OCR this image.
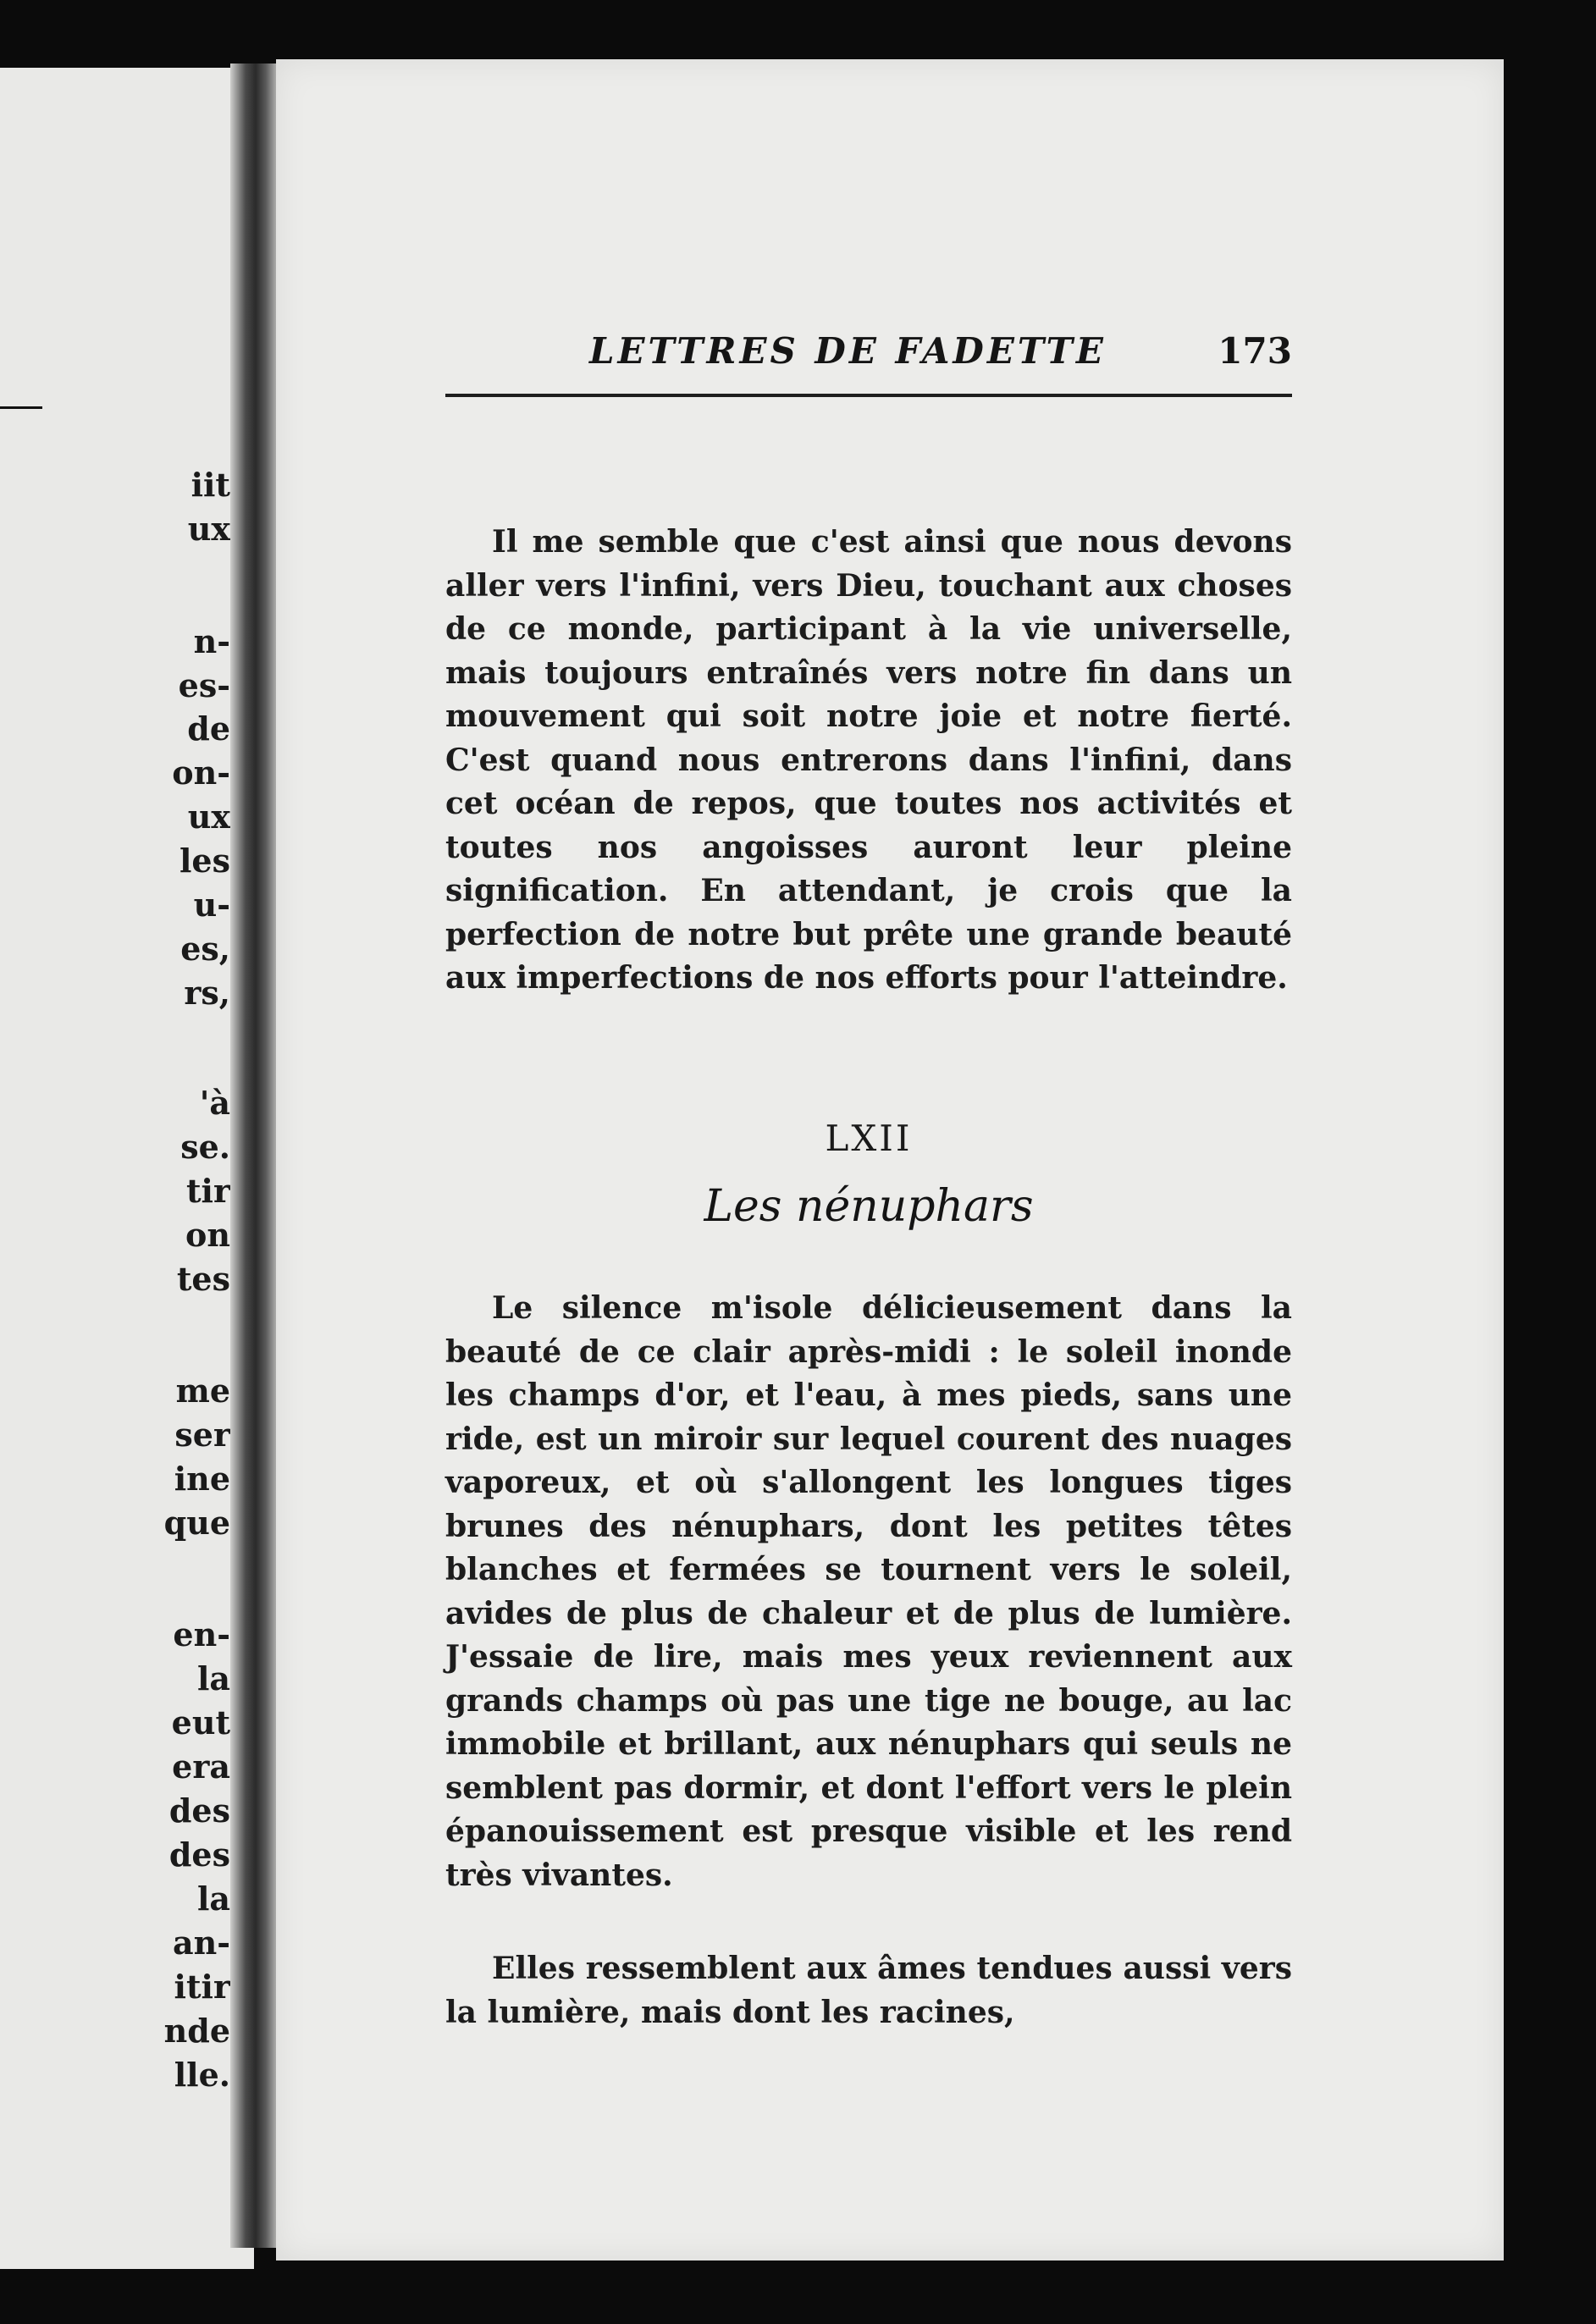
iit
ux
n-
es-
de
on-
ux
les
u-
es,
rs,
'à
se.
tir
on
tes
me
ser
ine
que
en-
la
eut
era
des
des
la
an-
itir
nde
lle.
LETTRES DE FADETTE	173

Il me semble que c'est ainsi que nous devons aller vers l'infini, vers Dieu, touchant aux choses de ce monde, participant à la vie universelle, mais toujours entraînés vers notre fin dans un mouvement qui soit notre joie et notre fierté. C'est quand nous entrerons dans l'infini, dans cet océan de repos, que toutes nos activités et toutes nos angoisses auront leur pleine signification. En attendant, je crois que la perfection de notre but prête une grande beauté aux imperfections de nos efforts pour l'atteindre.

LXII
Les nénuphars

Le silence m'isole délicieusement dans la beauté de ce clair après-midi : le soleil inonde les champs d'or, et l'eau, à mes pieds, sans une ride, est un miroir sur lequel courent des nuages vaporeux, et où s'allongent les longues tiges brunes des nénuphars, dont les petites têtes blanches et fermées se tournent vers le soleil, avides de plus de chaleur et de plus de lumière. J'essaie de lire, mais mes yeux reviennent aux grands champs où pas une tige ne bouge, au lac immobile et brillant, aux nénuphars qui seuls ne semblent pas dormir, et dont l'effort vers le plein épanouissement est presque visible et les rend très vivantes.

Elles ressemblent aux âmes tendues aussi vers la lumière, mais dont les racines,
